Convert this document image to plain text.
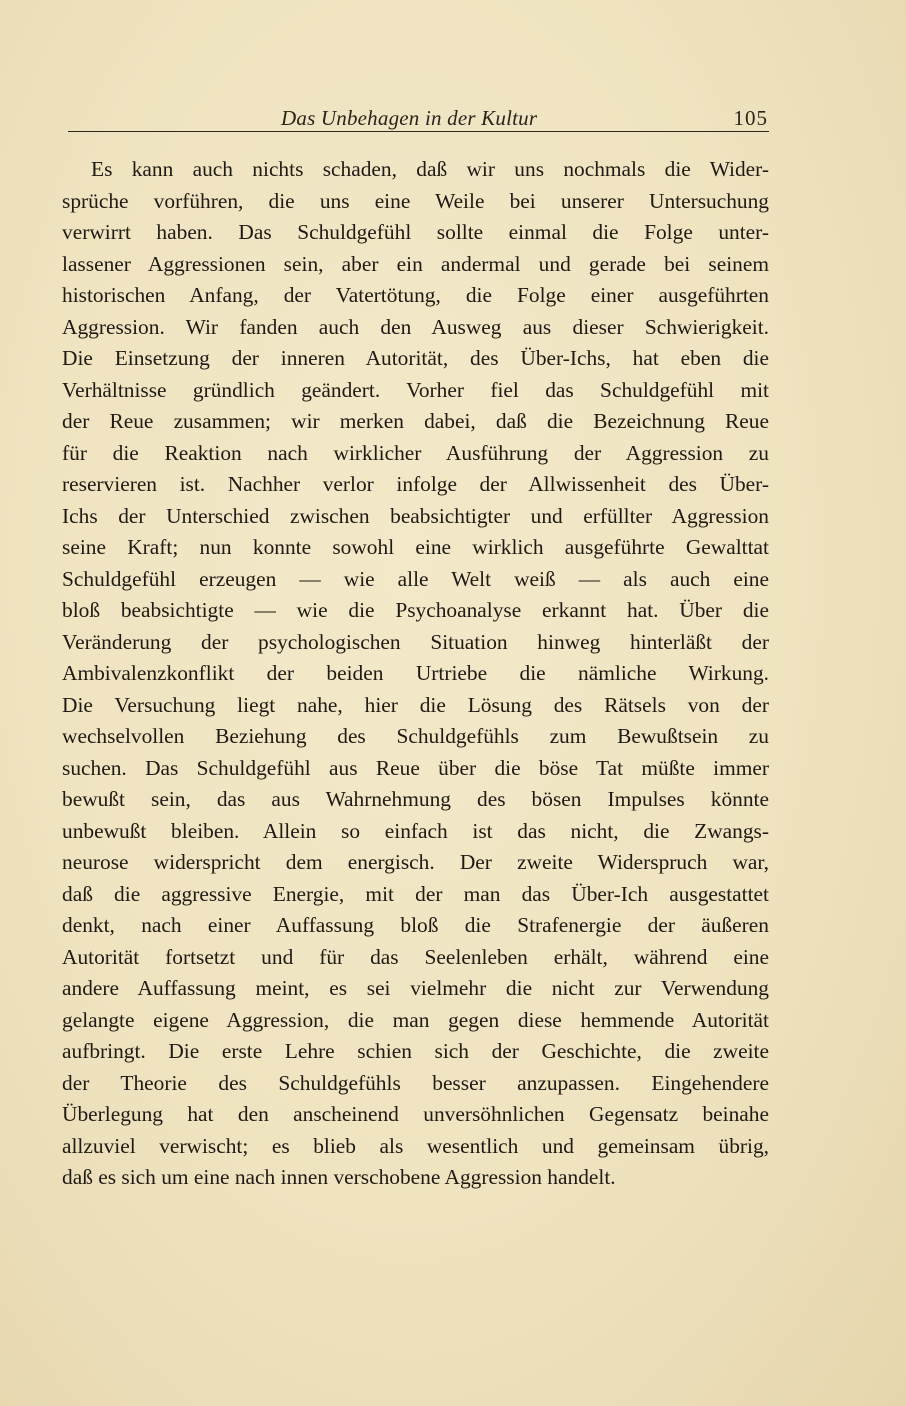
Das Unbehagen in der Kultur	105
Es kann auch nichts schaden, daß wir uns nochmals die Wider-
sprüche vorführen, die uns eine Weile bei unserer Untersuchung
verwirrt haben. Das Schuldgefühl sollte einmal die Folge unter-
lassener Aggressionen sein, aber ein andermal und gerade bei seinem
historischen Anfang, der Vatertötung, die Folge einer ausgeführten
Aggression. Wir fanden auch den Ausweg aus dieser Schwierigkeit.
Die Einsetzung der inneren Autorität, des Über-Ichs, hat eben die
Verhältnisse gründlich geändert. Vorher fiel das Schuldgefühl mit
der Reue zusammen; wir merken dabei, daß die Bezeichnung Reue
für die Reaktion nach wirklicher Ausführung der Aggression zu
reservieren ist. Nachher verlor infolge der Allwissenheit des Über-
Ichs der Unterschied zwischen beabsichtigter und erfüllter Aggression
seine Kraft; nun konnte sowohl eine wirklich ausgeführte Gewalttat
Schuldgefühl erzeugen — wie alle Welt weiß — als auch eine
bloß beabsichtigte — wie die Psychoanalyse erkannt hat. Über die
Veränderung der psychologischen Situation hinweg hinterläßt der
Ambivalenzkonflikt der beiden Urtriebe die nämliche Wirkung.
Die Versuchung liegt nahe, hier die Lösung des Rätsels von der
wechselvollen Beziehung des Schuldgefühls zum Bewußtsein zu
suchen. Das Schuldgefühl aus Reue über die böse Tat müßte immer
bewußt sein, das aus Wahrnehmung des bösen Impulses könnte
unbewußt bleiben. Allein so einfach ist das nicht, die Zwangs-
neurose widerspricht dem energisch. Der zweite Widerspruch war,
daß die aggressive Energie, mit der man das Über-Ich ausgestattet
denkt, nach einer Auffassung bloß die Strafenergie der äußeren
Autorität fortsetzt und für das Seelenleben erhält, während eine
andere Auffassung meint, es sei vielmehr die nicht zur Verwendung
gelangte eigene Aggression, die man gegen diese hemmende Autorität
aufbringt. Die erste Lehre schien sich der Geschichte, die zweite
der Theorie des Schuldgefühls besser anzupassen. Eingehendere
Überlegung hat den anscheinend unversöhnlichen Gegensatz beinahe
allzuviel verwischt; es blieb als wesentlich und gemeinsam übrig,
daß es sich um eine nach innen verschobene Aggression handelt.
